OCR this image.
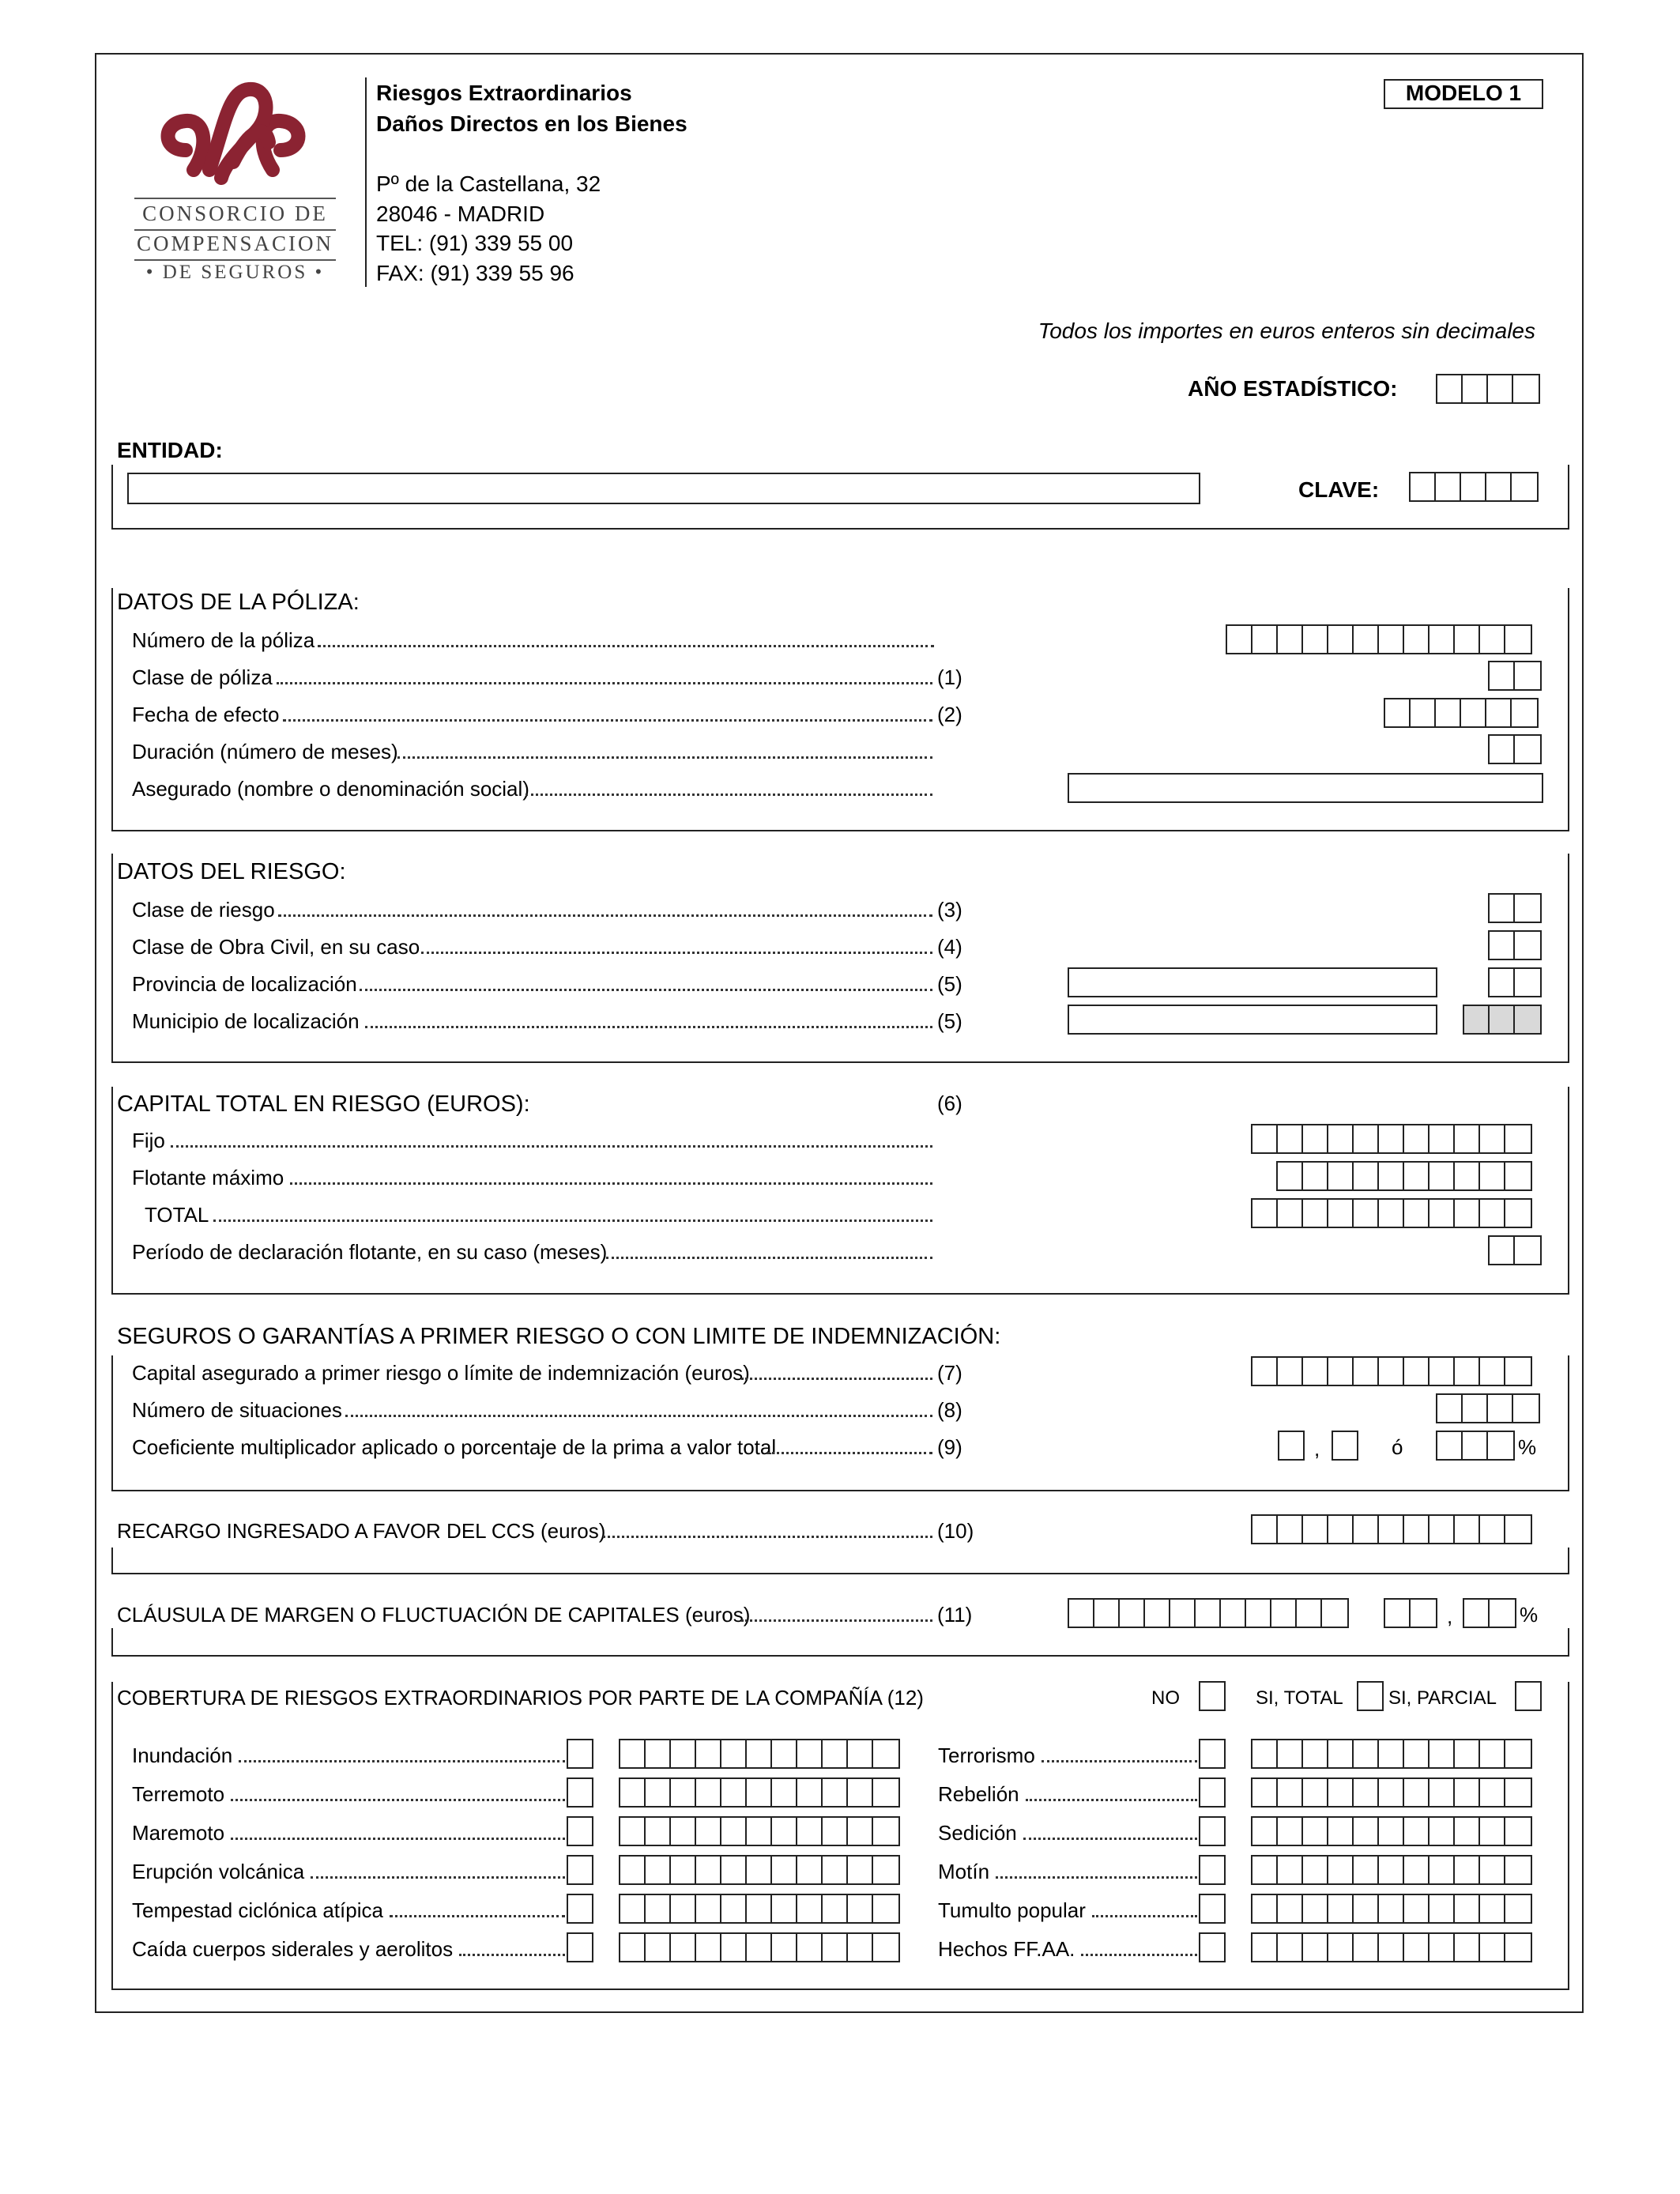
CONSORCIO DE
COMPENSACION
• DE SEGUROS •
Riesgos Extraordinarios
Daños Directos en los Bienes
Pº de la Castellana, 32
28046 - MADRID
TEL: (91) 339 55 00
FAX: (91) 339 55 96
MODELO 1
Todos los importes en euros enteros sin decimales
AÑO ESTADÍSTICO:
ENTIDAD:
CLAVE:
DATOS DE LA PÓLIZA:
Número de la póliza
Clase de póliza	(1)
Fecha de efecto	(2)
Duración (número de meses)
Asegurado (nombre o denominación social)
DATOS DEL RIESGO:
Clase de riesgo	(3)
Clase de Obra Civil, en su caso	(4)
Provincia de localización	(5)
Municipio de localización	(5)
CAPITAL TOTAL EN RIESGO (EUROS):	(6)
Fijo
Flotante máximo
TOTAL
Período de declaración flotante, en su caso (meses)
SEGUROS O GARANTÍAS A PRIMER RIESGO O CON LIMITE DE INDEMNIZACIÓN:
Capital asegurado a primer riesgo o límite de indemnización (euros)	(7)
Número de situaciones	(8)
Coeficiente multiplicador aplicado o porcentaje de la prima a valor total	(9)	,	ó	%
RECARGO INGRESADO A FAVOR DEL CCS (euros)	(10)
CLÁUSULA DE MARGEN O FLUCTUACIÓN DE CAPITALES (euros)	(11)	,	%
COBERTURA DE RIESGOS EXTRAORDINARIOS POR PARTE DE LA COMPAÑÍA (12)	NO	SI, TOTAL SI, PARCIAL
Inundación
Terremoto
Maremoto
Erupción volcánica
Tempestad ciclónica atípica
Caída cuerpos siderales y aerolitos
Terrorismo
Rebelión
Sedición
Motín
Tumulto popular
Hechos FF.AA.
